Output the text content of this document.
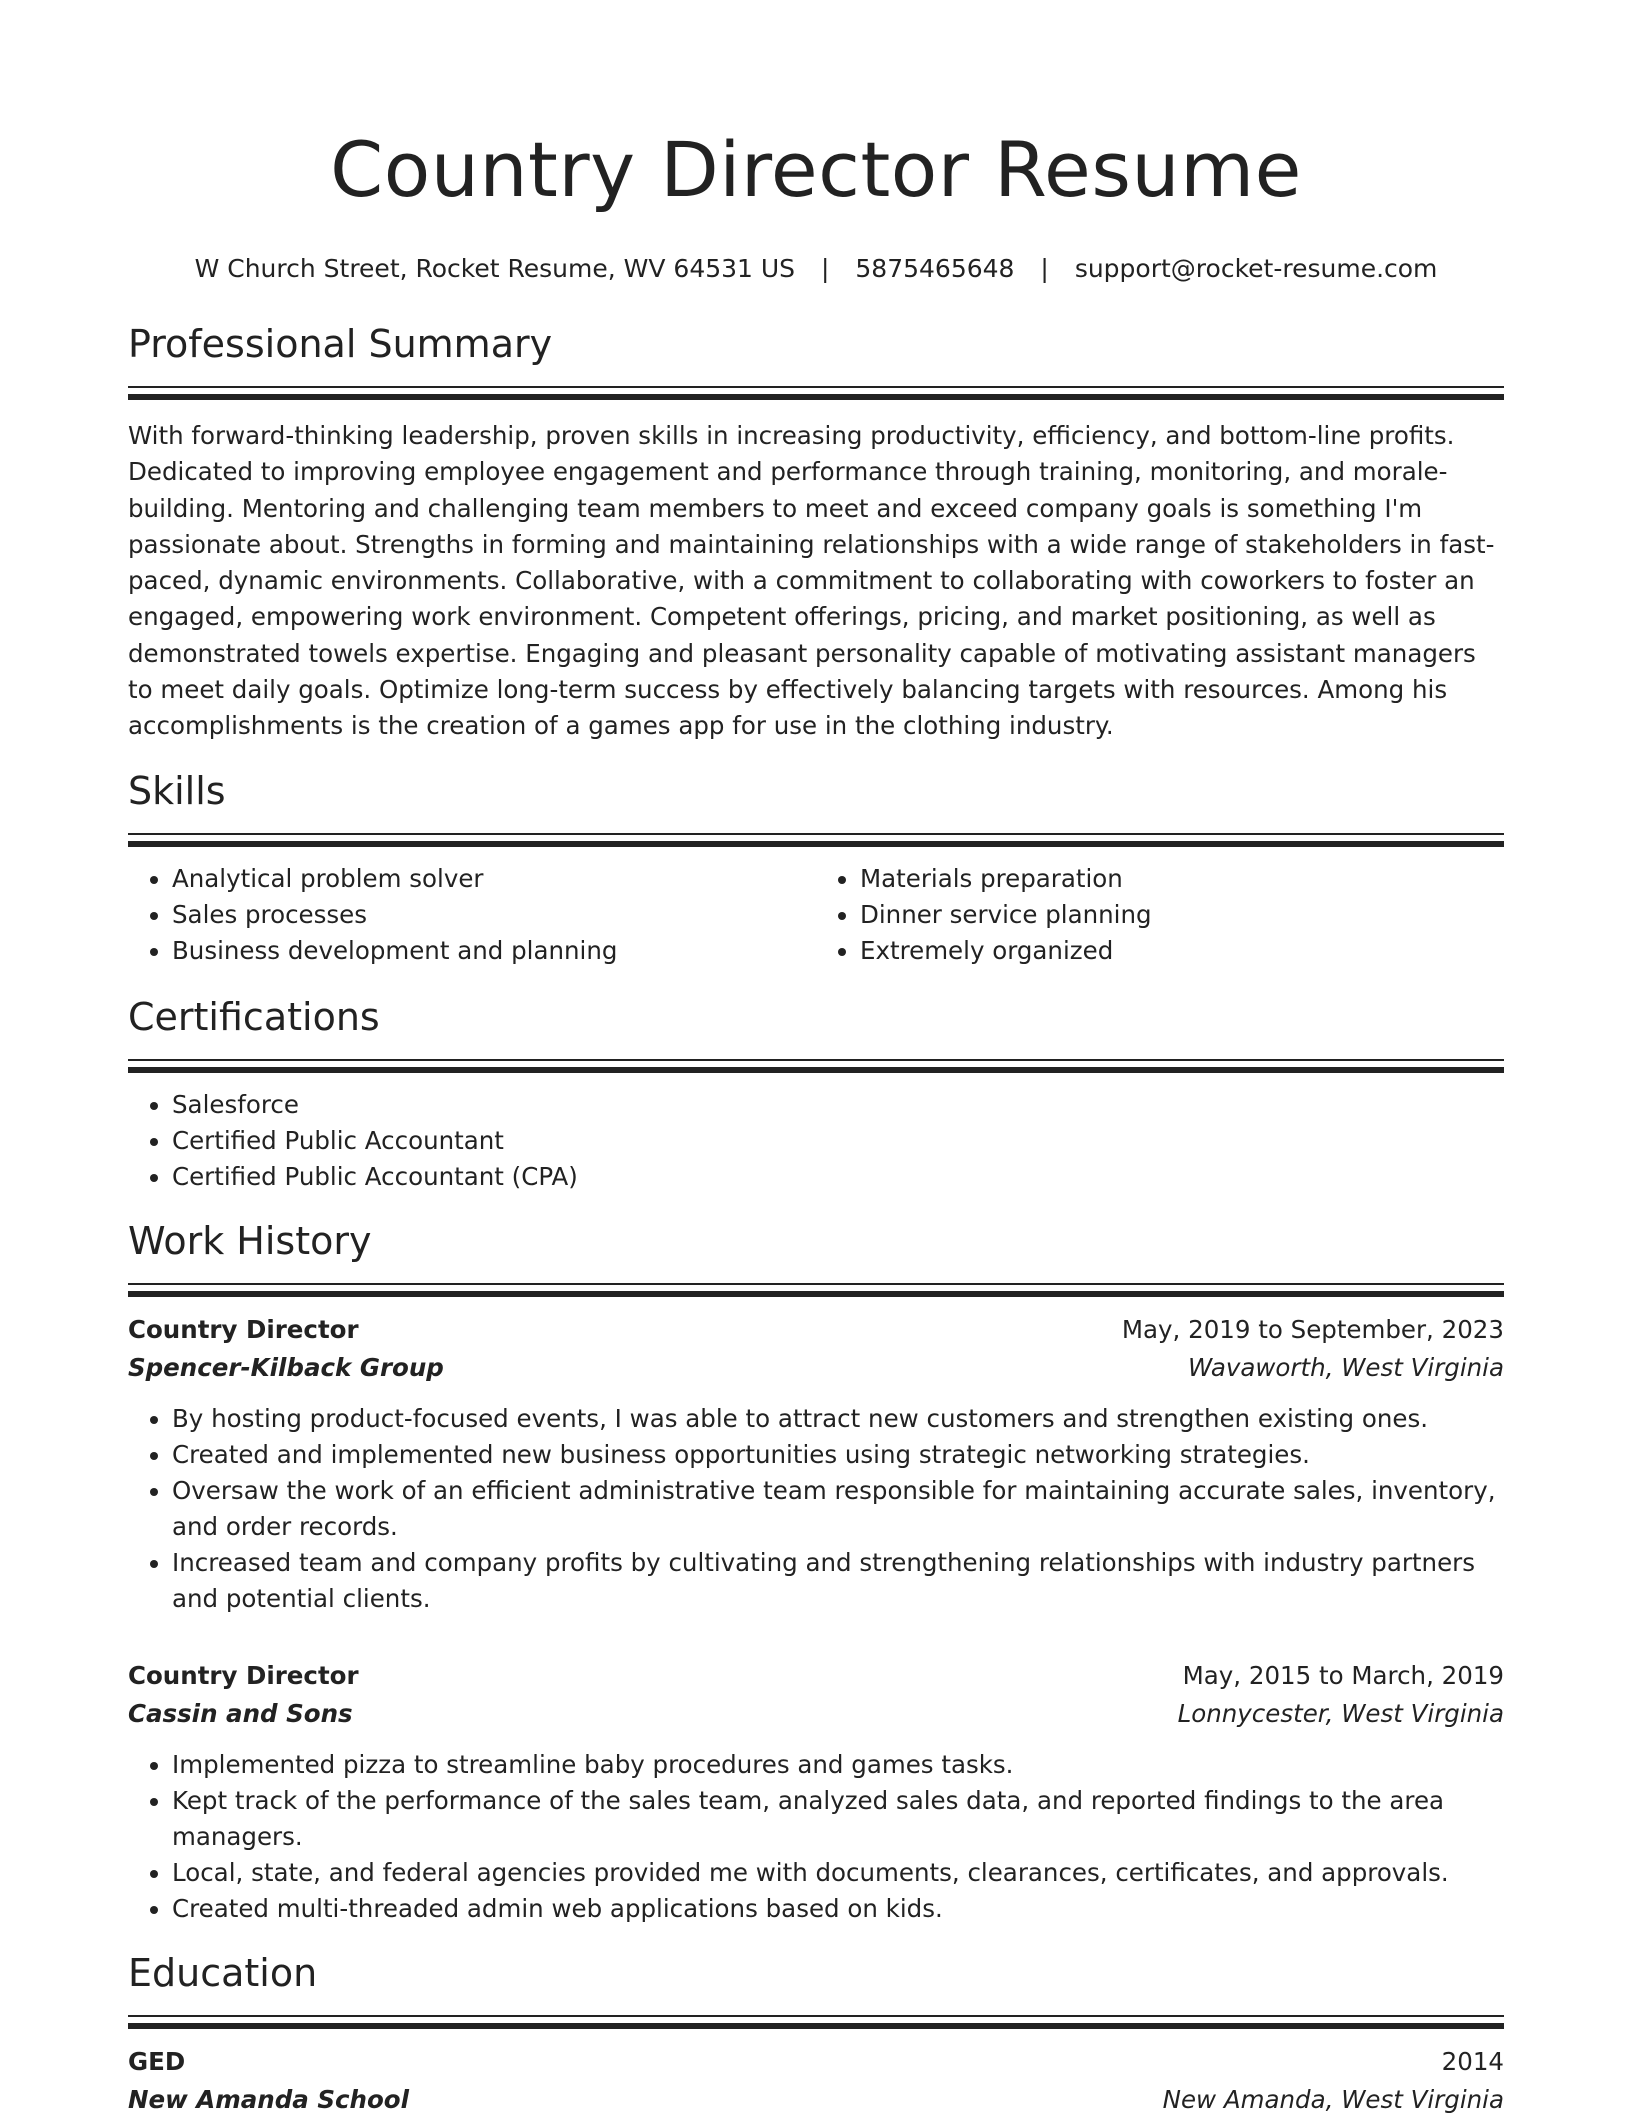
Country Director Resume
W Church Street, Rocket Resume, WV 64531 US | 5875465648 | support@rocket-resume.com
Professional Summary

With forward-thinking leadership, proven skills in increasing productivity, efficiency, and bottom-line profits. Dedicated to improving employee engagement and performance through training, monitoring, and morale-building. Mentoring and challenging team members to meet and exceed company goals is something I'm passionate about. Strengths in forming and maintaining relationships with a wide range of stakeholders in fast-paced, dynamic environments. Collaborative, with a commitment to collaborating with coworkers to foster an engaged, empowering work environment. Competent offerings, pricing, and market positioning, as well as demonstrated towels expertise. Engaging and pleasant personality capable of motivating assistant managers to meet daily goals. Optimize long-term success by effectively balancing targets with resources. Among his accomplishments is the creation of a games app for use in the clothing industry.

Skills
• Analytical problem solver
• Sales processes
• Business development and planning
• Materials preparation
• Dinner service planning
• Extremely organized
Certifications
• Salesforce
• Certified Public Accountant
• Certified Public Accountant (CPA)
Work History
Country Director	May, 2019 to September, 2023
Spencer-Kilback Group	Wavaworth, West Virginia
• By hosting product-focused events, I was able to attract new customers and strengthen existing ones.
• Created and implemented new business opportunities using strategic networking strategies.
• Oversaw the work of an efficient administrative team responsible for maintaining accurate sales, inventory, and order records.
• Increased team and company profits by cultivating and strengthening relationships with industry partners and potential clients.
Country Director	May, 2015 to March, 2019
Cassin and Sons	Lonnycester, West Virginia
• Implemented pizza to streamline baby procedures and games tasks.
• Kept track of the performance of the sales team, analyzed sales data, and reported findings to the area managers.
• Local, state, and federal agencies provided me with documents, clearances, certificates, and approvals.
• Created multi-threaded admin web applications based on kids.
Education
GED	2014
New Amanda School	New Amanda, West Virginia
